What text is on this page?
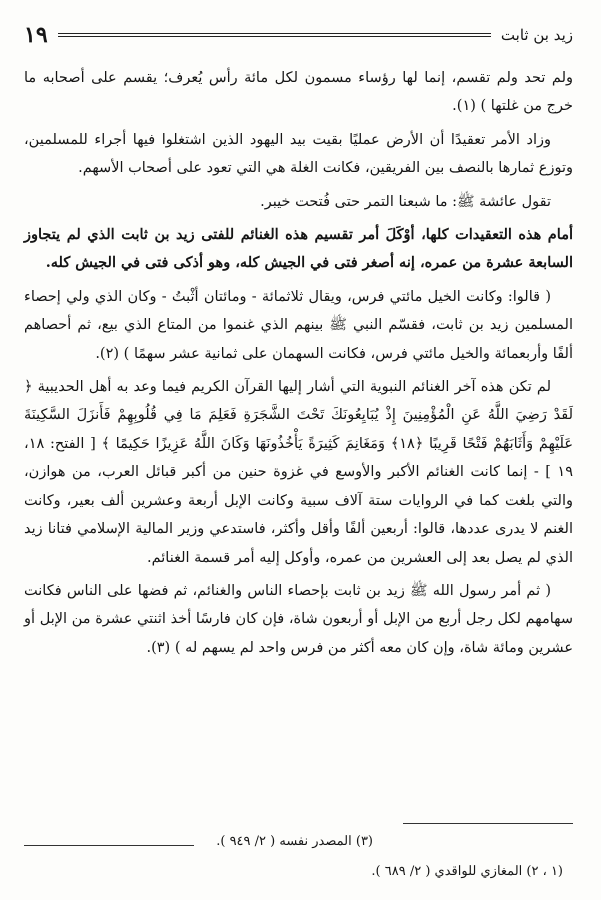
زيد بن ثابت
١٩

ولم تحد ولم تقسم، إنما لها رؤساء مسمون لكل مائة رأس يُعرف؛ يقسم على أصحابه ما خرج من غلتها ) (١).

وزاد الأمر تعقيدًا أن الأرض عمليًا بقيت بيد اليهود الذين اشتغلوا فيها أجراء للمسلمين، وتوزع ثمارها بالنصف بين الفريقين، فكانت الغلة هي التي تعود على أصحاب الأسهم.

تقول عائشة ﷺ: ما شبعنا التمر حتى فُتحت خيبر.

أمام هذه التعقيدات كلها، أوْكَلَ أمر تقسيم هذه الغنائم للفتى زيد بن ثابت الذي لم يتجاوز السابعة عشرة من عمره، إنه أصغر فتى في الجيش كله، وهو أذكى فتى في الجيش كله.

( قالوا: وكانت الخيل مائتي فرس، ويقال ثلاثمائة - ومائتان أثْبتُ - وكان الذي ولي إحصاء المسلمين زيد بن ثابت، فقسّم النبي ﷺ بينهم الذي غنموا من المتاع الذي بيع، ثم أحصاهم ألفًا وأربعمائة والخيل مائتي فرس، فكانت السهمان على ثمانية عشر سهمًا ) (٢).

لم تكن هذه آخر الغنائم النبوية التي أشار إليها القرآن الكريم فيما وعد به أهل الحديبية ﴿ لَقَدْ رَضِيَ اللَّهُ عَنِ الْمُؤْمِنِينَ إِذْ يُبَايِعُونَكَ تَحْتَ الشَّجَرَةِ فَعَلِمَ مَا فِي قُلُوبِهِمْ فَأَنزَلَ السَّكِينَةَ عَلَيْهِمْ وَأَثَابَهُمْ فَتْحًا قَرِيبًا ﴿١٨﴾ وَمَغَانِمَ كَثِيرَةً يَأْخُذُونَهَا وَكَانَ اللَّهُ عَزِيزًا حَكِيمًا ﴾ [ الفتح: ١٨، ١٩ ] - إنما كانت الغنائم الأكبر والأوسع في غزوة حنين من أكبر قبائل العرب، من هوازن، والتي بلغت كما في الروايات ستة آلاف سبية وكانت الإبل أربعة وعشرين ألف بعير، وكانت الغنم لا يدرى عددها، قالوا: أربعين ألفًا وأقل وأكثر، فاستدعي وزير المالية الإسلامي فتانا زيد الذي لم يصل بعد إلى العشرين من عمره، وأوكل إليه أمر قسمة الغنائم.

( ثم أمر رسول الله ﷺ زيد بن ثابت بإحصاء الناس والغنائم، ثم فضها على الناس فكانت سهامهم لكل رجل أربع من الإبل أو أربعون شاة، فإن كان فارسًا أخذ اثنتي عشرة من الإبل أو عشرين ومائة شاة، وإن كان معه أكثر من فرس واحد لم يسهم له ) (٣).

(٣) المصدر نفسه ( ٢/ ٩٤٩ ).
(١ ، ٢) المغازي للواقدي ( ٢/ ٦٨٩ ).
